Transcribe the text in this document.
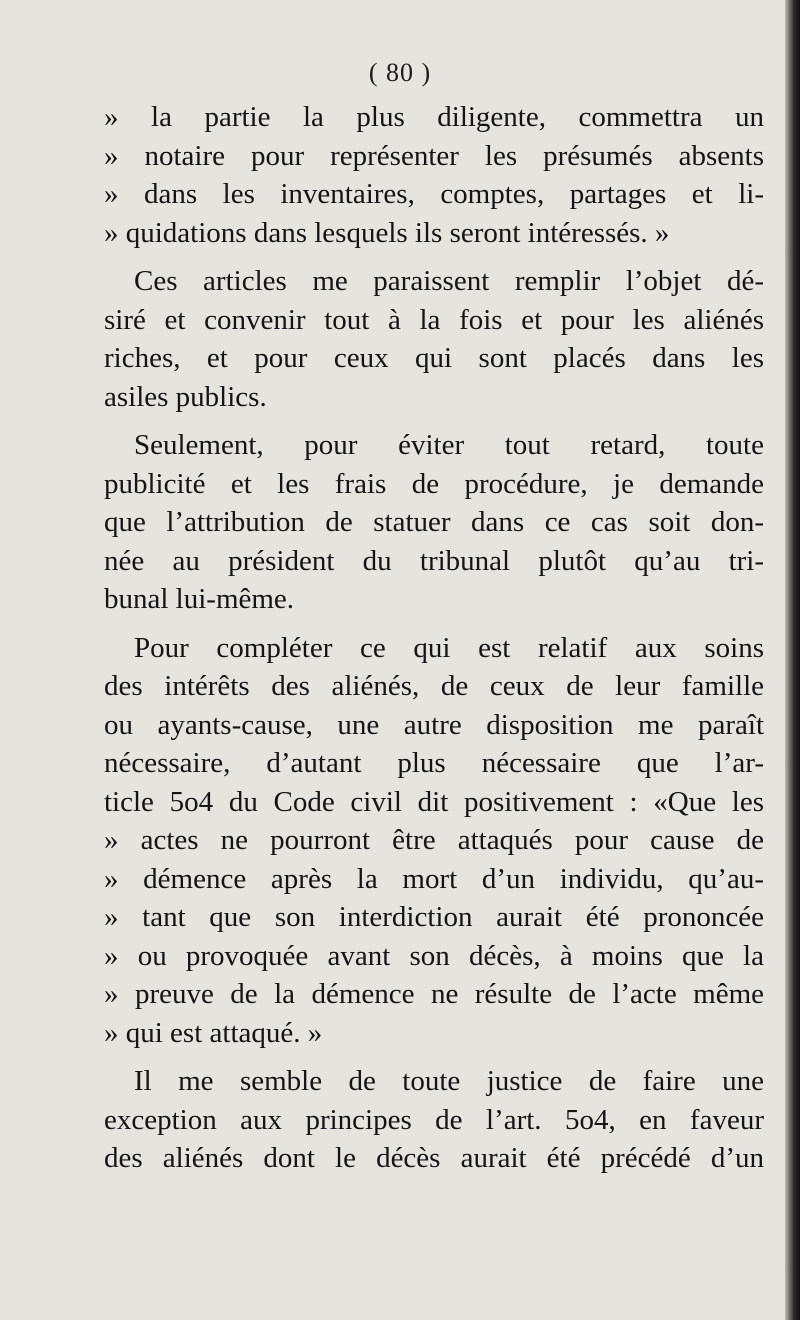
( 80 )
» la partie la plus diligente, commettra un
» notaire pour représenter les présumés absents
» dans les inventaires, comptes, partages et li-
» quidations dans lesquels ils seront intéressés. »
Ces articles me paraissent remplir l’objet dé-
siré et convenir tout à la fois et pour les aliénés
riches, et pour ceux qui sont placés dans les
asiles publics.
Seulement, pour éviter tout retard, toute
publicité et les frais de procédure, je demande
que l’attribution de statuer dans ce cas soit don-
née au président du tribunal plutôt qu’au tri-
bunal lui-même.
Pour compléter ce qui est relatif aux soins
des intérêts des aliénés, de ceux de leur famille
ou ayants-cause, une autre disposition me paraît
nécessaire, d’autant plus nécessaire que l’ar-
ticle 5o4 du Code civil dit positivement : «Que les
» actes ne pourront être attaqués pour cause de
» démence après la mort d’un individu, qu’au-
» tant que son interdiction aurait été prononcée
» ou provoquée avant son décès, à moins que la
» preuve de la démence ne résulte de l’acte même
» qui est attaqué. »
Il me semble de toute justice de faire une
exception aux principes de l’art. 5o4, en faveur
des aliénés dont le décès aurait été précédé d’un
